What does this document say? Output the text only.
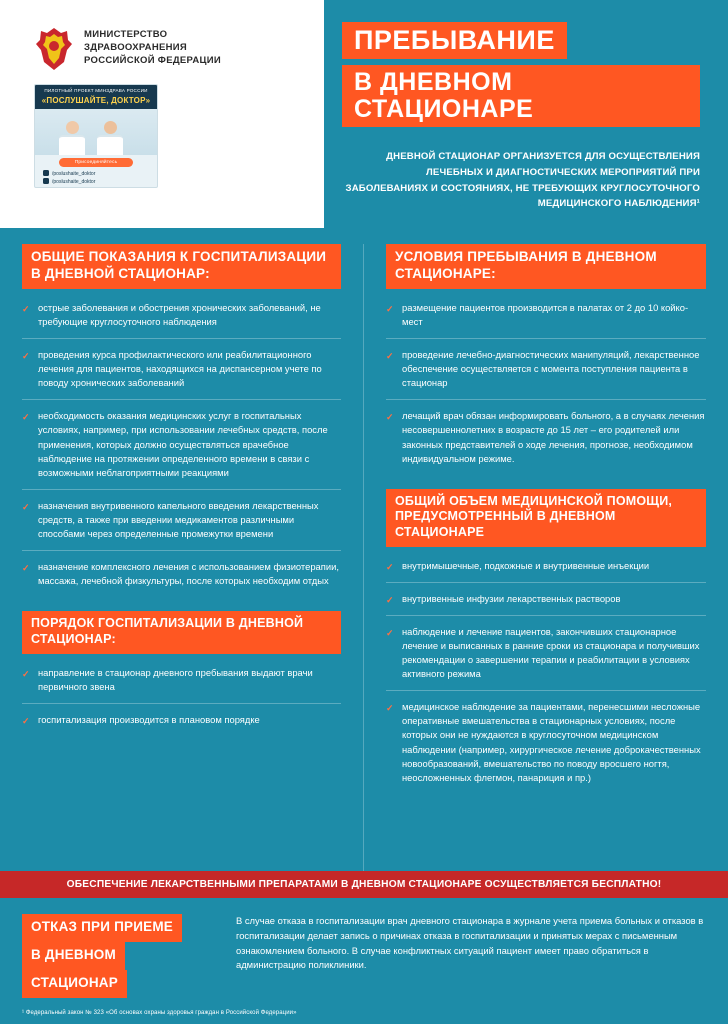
МИНИСТЕРСТВО
ЗДРАВООХРАНЕНИЯ
РОССИЙСКОЙ ФЕДЕРАЦИИ
ПИЛОТНЫЙ ПРОЕКТ МИНЗДРАВА РОССИИ
«ПОСЛУШАЙТЕ, ДОКТОР»
Присоединяйтесь
/poslushaite_doktor
/poslushaite_doktor
ПРЕБЫВАНИЕ
В ДНЕВНОМ СТАЦИОНАРЕ
ДНЕВНОЙ СТАЦИОНАР ОРГАНИЗУЕТСЯ ДЛЯ ОСУЩЕСТВЛЕНИЯ ЛЕЧЕБНЫХ И ДИАГНОСТИЧЕСКИХ МЕРОПРИЯТИЙ ПРИ ЗАБОЛЕВАНИЯХ И СОСТОЯНИЯХ, НЕ ТРЕБУЮЩИХ КРУГЛОСУТОЧНОГО МЕДИЦИНСКОГО НАБЛЮДЕНИЯ¹
ОБЩИЕ ПОКАЗАНИЯ К ГОСПИТАЛИЗАЦИИ В ДНЕВНОЙ СТАЦИОНАР:
✓ острые заболевания и обострения хронических заболеваний, не требующие круглосуточного наблюдения
✓ проведения курса профилактического или реабилитационного лечения для пациентов, находящихся на диспансерном учете по поводу хронических заболеваний
✓ необходимость оказания медицинских услуг в госпитальных условиях, например, при использовании лечебных средств, после применения, которых должно осуществляться врачебное наблюдение на протяжении определенного времени в связи с возможными неблагоприятными реакциями
✓ назначения внутривенного капельного введения лекарственных средств, а также при введении медикаментов различными способами через определенные промежутки времени
✓ назначение комплексного лечения с использованием физиотерапии, массажа, лечебной физкультуры, после которых необходим отдых
ПОРЯДОК ГОСПИТАЛИЗАЦИИ В ДНЕВНОЙ СТАЦИОНАР:
✓ направление в стационар дневного пребывания выдают врачи первичного звена
✓ госпитализация производится в плановом порядке
УСЛОВИЯ ПРЕБЫВАНИЯ В ДНЕВНОМ СТАЦИОНАРЕ:
✓ размещение пациентов производится в палатах от 2 до 10 койко-мест
✓ проведение лечебно-диагностических манипуляций, лекарственное обеспечение осуществляется с момента поступления пациента в стационар
✓ лечащий врач обязан информировать больного, а в случаях лечения несовершеннолетних в возрасте до 15 лет – его родителей или законных представителей о ходе лечения, прогнозе, необходимом индивидуальном режиме.
ОБЩИЙ ОБЪЕМ МЕДИЦИНСКОЙ ПОМОЩИ, ПРЕДУСМОТРЕННЫЙ В ДНЕВНОМ СТАЦИОНАРЕ
✓ внутримышечные, подкожные и внутривенные инъекции
✓ внутривенные инфузии лекарственных растворов
✓ наблюдение и лечение пациентов, закончивших стационарное лечение и выписанных в ранние сроки из стационара и получивших рекомендации о завершении терапии и реабилитации в условиях активного режима
✓ медицинское наблюдение за пациентами, перенесшими несложные оперативные вмешательства в стационарных условиях, после которых они не нуждаются в круглосуточном медицинском наблюдении (например, хирургическое лечение доброкачественных новообразований, вмешательство по поводу вросшего ногтя, неосложненных флегмон, панариция и пр.)
ОБЕСПЕЧЕНИЕ ЛЕКАРСТВЕННЫМИ ПРЕПАРАТАМИ В ДНЕВНОМ СТАЦИОНАРЕ ОСУЩЕСТВЛЯЕТСЯ БЕСПЛАТНО!
ОТКАЗ ПРИ ПРИЕМЕ
В ДНЕВНОМ
СТАЦИОНАР
В случае отказа в госпитализации врач дневного стационара в журнале учета приема больных и отказов в госпитализации делает запись о причинах отказа в госпитализации и принятых мерах с письменным ознакомлением больного. В случае конфликтных ситуаций пациент имеет право обратиться в администрацию поликлиники.
¹ Федеральный закон № 323 «Об основах охраны здоровья граждан в Российской Федерации»
